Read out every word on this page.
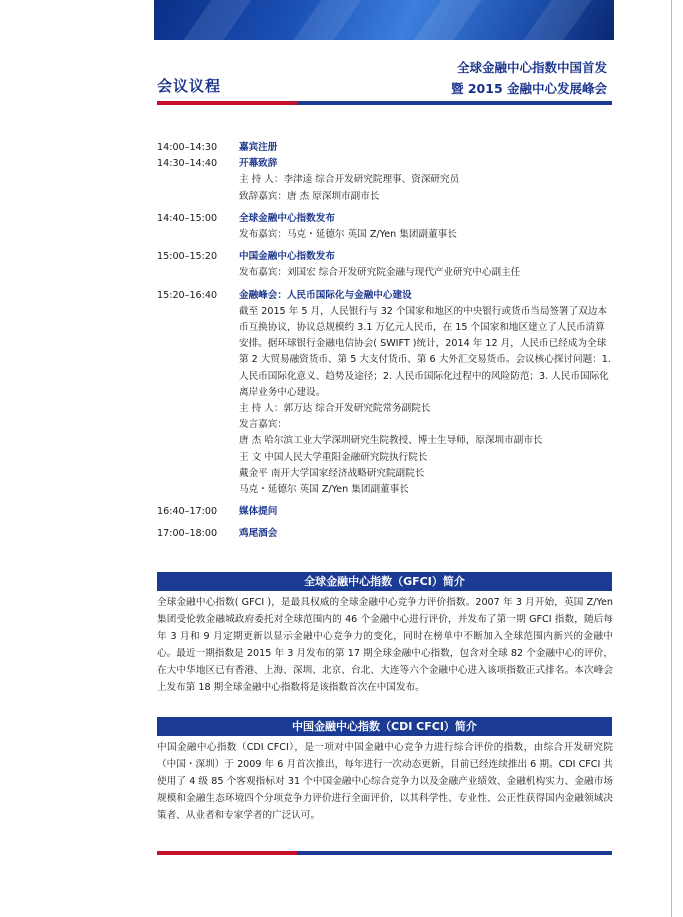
会议议程
全球金融中心指数中国首发
暨 2015 金融中心发展峰会
14:00–14:30	嘉宾注册
14:30–14:40	开幕致辞
主 持 人：李津逵 综合开发研究院理事、资深研究员
致辞嘉宾：唐 杰 原深圳市副市长
14:40–15:00	全球金融中心指数发布
发布嘉宾：马克・延德尔 英国 Z/Yen 集团副董事长
15:00–15:20	中国金融中心指数发布
发布嘉宾：刘国宏 综合开发研究院金融与现代产业研究中心副主任
15:20–16:40	金融峰会：人民币国际化与金融中心建设
截至 2015 年 5 月，人民银行与 32 个国家和地区的中央银行或货币当局签署了双边本币互换协议，协议总规模约 3.1 万亿元人民币，在 15 个国家和地区建立了人民币清算安排。据环球银行金融电信协会( SWIFT )统计，2014 年 12 月，人民币已经成为全球第 2 大贸易融资货币、第 5 大支付货币、第 6 大外汇交易货币。会议核心探讨问题：1. 人民币国际化意义、趋势及途径；2. 人民币国际化过程中的风险防范；3. 人民币国际化离岸业务中心建设。
主 持 人：郭万达 综合开发研究院常务副院长
发言嘉宾：
唐 杰 哈尔滨工业大学深圳研究生院教授、博士生导师，原深圳市副市长
王 文 中国人民大学重阳金融研究院执行院长
戴金平 南开大学国家经济战略研究院副院长
马克・延德尔 英国 Z/Yen 集团副董事长
16:40–17:00	媒体提问
17:00–18:00	鸡尾酒会
全球金融中心指数（GFCI）简介
全球金融中心指数( GFCI )，是最具权威的全球金融中心竞争力评价指数。2007 年 3 月开始，英国 Z/Yen 集团受伦敦金融城政府委托对全球范围内的 46 个金融中心进行评价，并发布了第一期 GFCI 指数，随后每年 3 月和 9 月定期更新以显示金融中心竞争力的变化，同时在榜单中不断加入全球范围内新兴的金融中心。最近一期指数是 2015 年 3 月发布的第 17 期全球金融中心指数，包含对全球 82 个金融中心的评价，在大中华地区已有香港、上海、深圳、北京、台北、大连等六个金融中心进入该项指数正式排名。本次峰会上发布第 18 期全球金融中心指数将是该指数首次在中国发布。
中国金融中心指数（CDI CFCI）简介
中国金融中心指数（CDI CFCI），是一项对中国金融中心竞争力进行综合评价的指数，由综合开发研究院（中国・深圳）于 2009 年 6 月首次推出，每年进行一次动态更新，目前已经连续推出 6 期。CDI CFCI 共使用了 4 级 85 个客观指标对 31 个中国金融中心综合竞争力以及金融产业绩效、金融机构实力、金融市场规模和金融生态环境四个分项竞争力评价进行全面评价，以其科学性、专业性、公正性获得国内金融领域决策者、从业者和专家学者的广泛认可。
